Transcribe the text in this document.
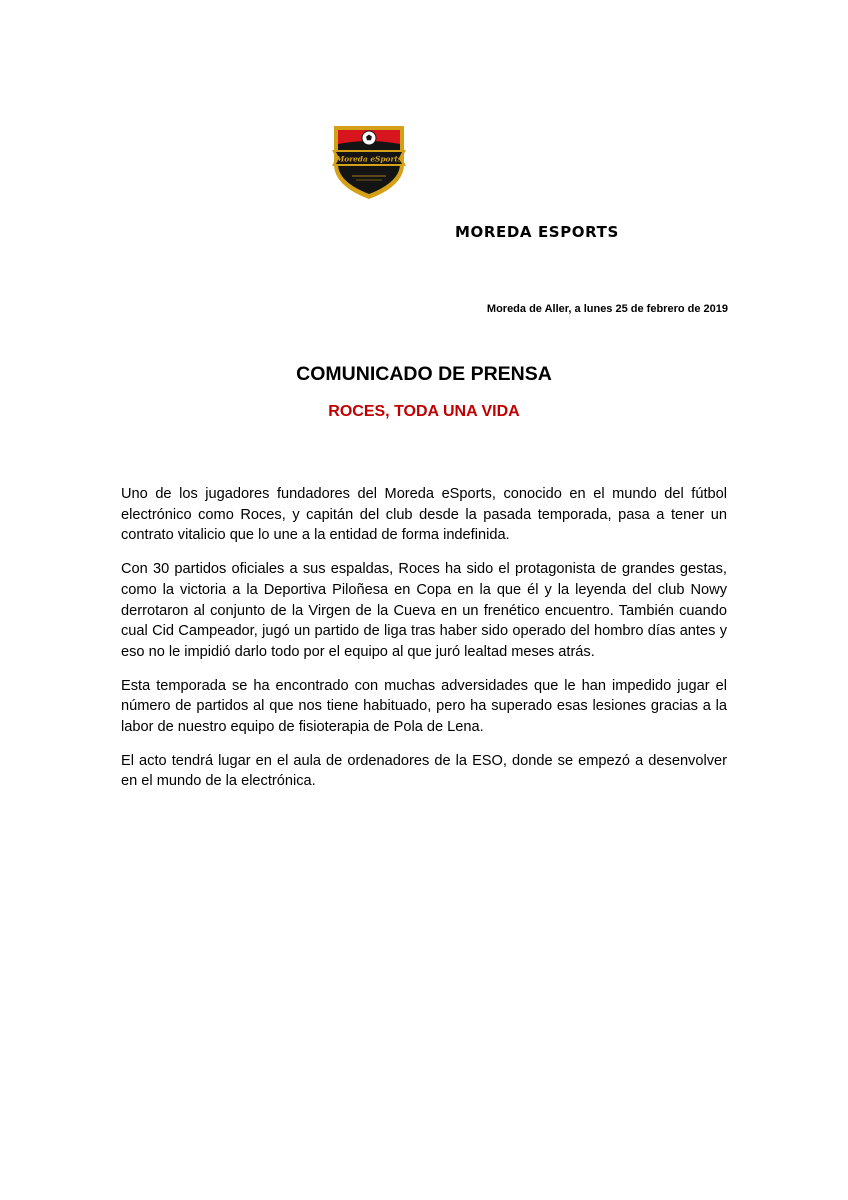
Moreda eSports
MOREDA ESPORTS
Moreda de Aller, a lunes 25 de febrero de 2019
COMUNICADO DE PRENSA
ROCES, TODA UNA VIDA

Uno de los jugadores fundadores del Moreda eSports, conocido en el mundo del fútbol electrónico como Roces, y capitán del club desde la pasada temporada, pasa a tener un contrato vitalicio que lo une a la entidad de forma indefinida.

Con 30 partidos oficiales a sus espaldas, Roces ha sido el protagonista de grandes gestas, como la victoria a la Deportiva Piloñesa en Copa en la que él y la leyenda del club Nowy derrotaron al conjunto de la Virgen de la Cueva en un frenético encuentro. También cuando cual Cid Campeador, jugó un partido de liga tras haber sido operado del hombro días antes y eso no le impidió darlo todo por el equipo al que juró lealtad meses atrás.

Esta temporada se ha encontrado con muchas adversidades que le han impedido jugar el número de partidos al que nos tiene habituado, pero ha superado esas lesiones gracias a la labor de nuestro equipo de fisioterapia de Pola de Lena.

El acto tendrá lugar en el aula de ordenadores de la ESO, donde se empezó a desenvolver en el mundo de la electrónica.
